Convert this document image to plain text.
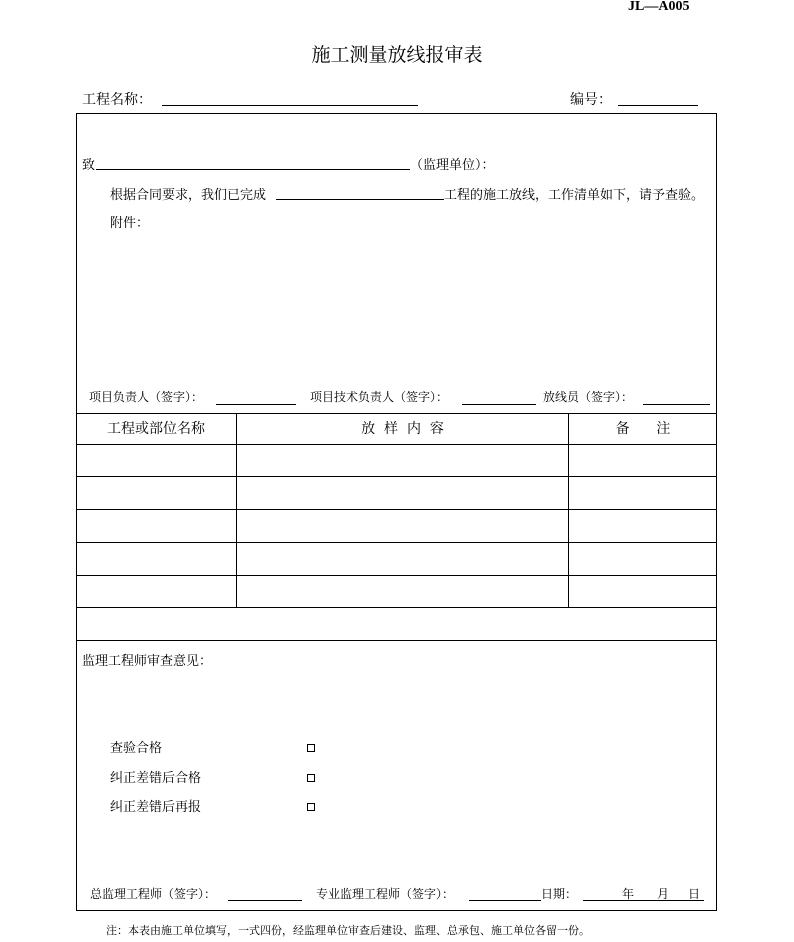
JL—A005
施工测量放线报审表
工程名称：	编号：
致	（监理单位）：
根据合同要求，我们已完成	工程的施工放线，工作清单如下，请予查验。
附件：
项目负责人（签字）：	项目技术负责人（签字）：	放线员（签字）：
工程或部位名称	放  样  内  容	备      注
监理工程师审查意见：
查验合格
纠正差错后合格
纠正差错后再报
总监理工程师（签字）：	专业监理工程师（签字）：	日期：	年 月 日
注：本表由施工单位填写，一式四份，经监理单位审查后建设、监理、总承包、施工单位各留一份。
